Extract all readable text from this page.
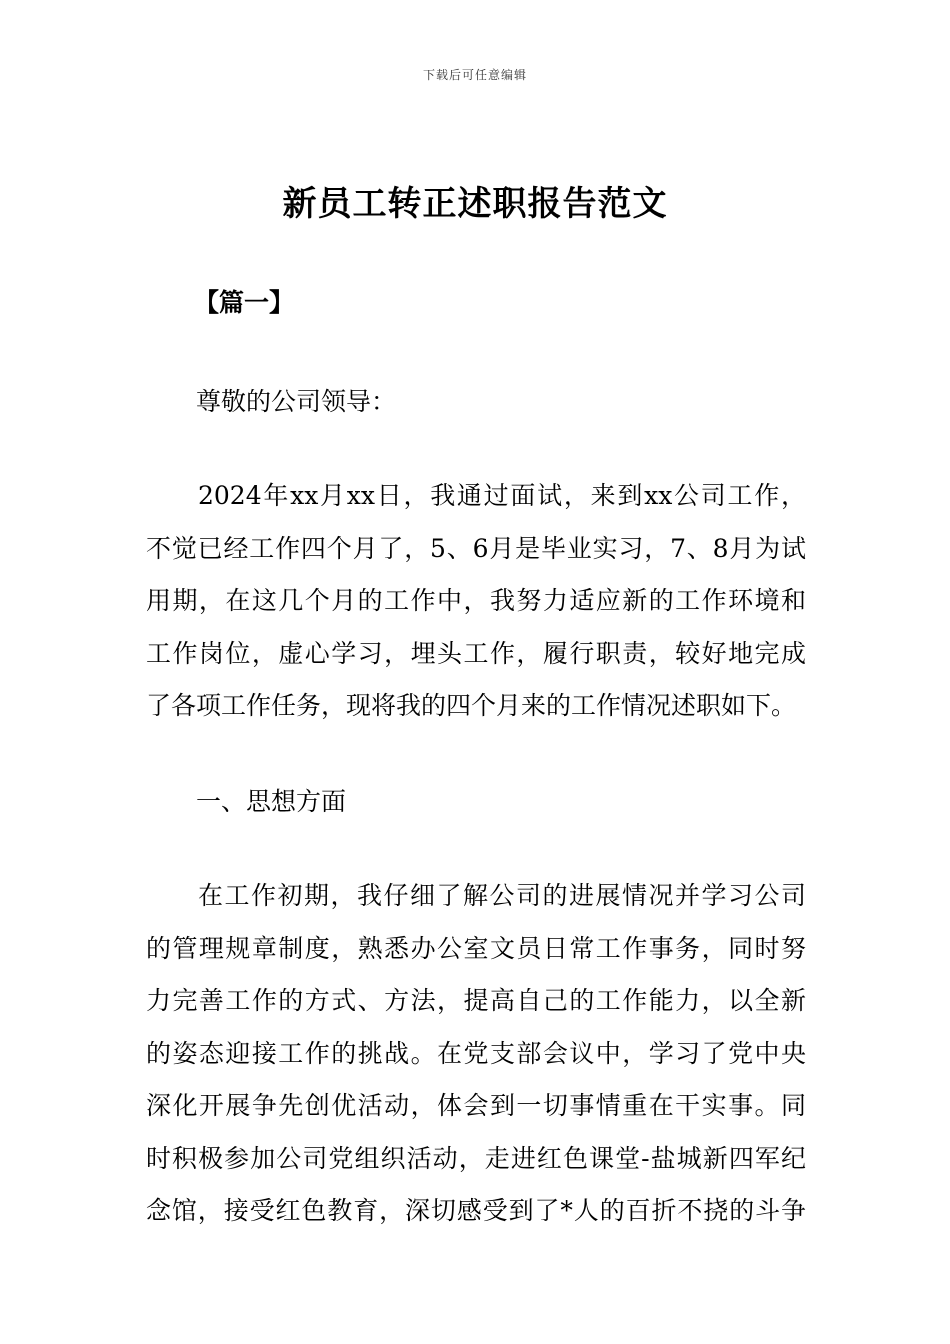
下载后可任意编辑
新员工转正述职报告范文
【篇一】
尊敬的公司领导：
2024年xx月xx日，我通过面试，来到xx公司工作，
不觉已经工作四个月了，5、6月是毕业实习，7、8月为试
用期，在这几个月的工作中，我努力适应新的工作环境和
工作岗位，虚心学习，埋头工作，履行职责，较好地完成
了各项工作任务，现将我的四个月来的工作情况述职如下。
一、思想方面
在工作初期，我仔细了解公司的进展情况并学习公司
的管理规章制度，熟悉办公室文员日常工作事务，同时努
力完善工作的方式、方法，提高自己的工作能力，以全新
的姿态迎接工作的挑战。在党支部会议中，学习了党中央
深化开展争先创优活动，体会到一切事情重在干实事。同
时积极参加公司党组织活动，走进红色课堂-盐城新四军纪
念馆，接受红色教育，深切感受到了*人的百折不挠的斗争
